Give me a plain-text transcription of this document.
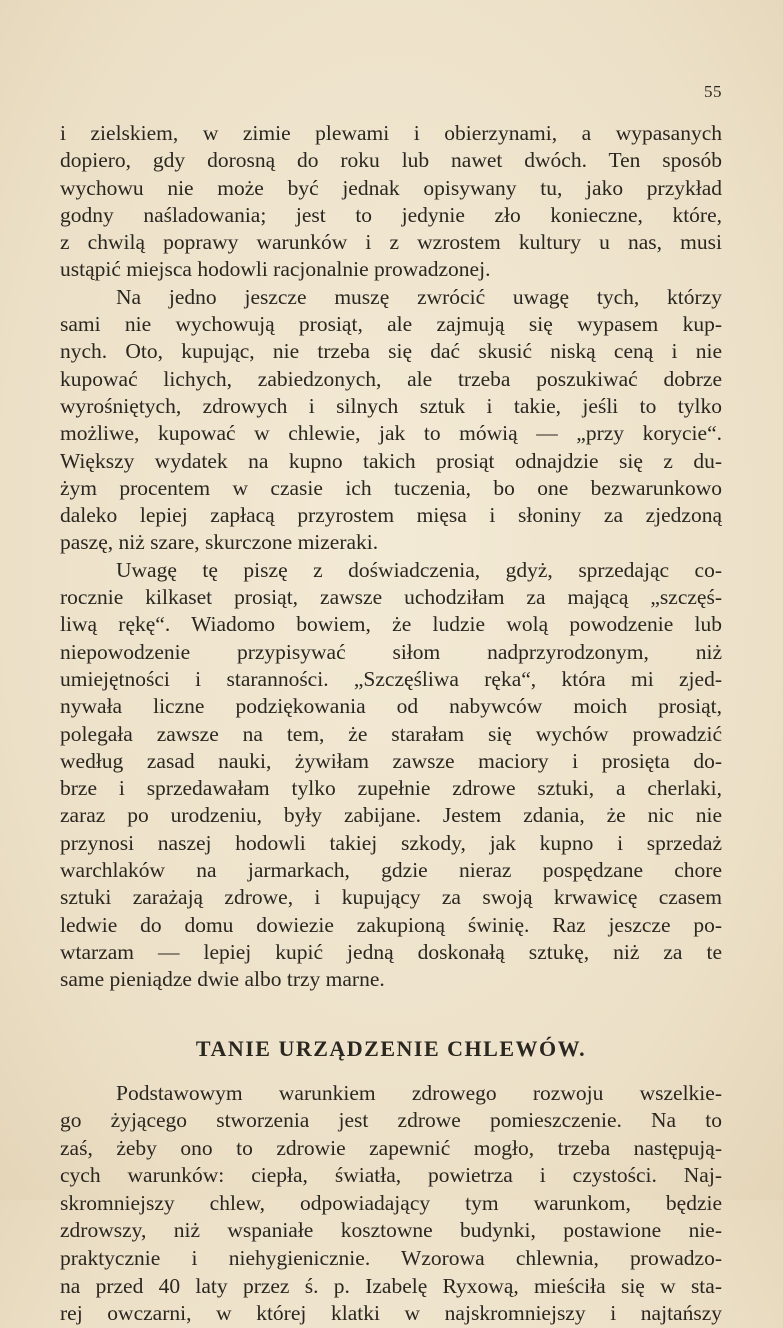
55
i zielskiem, w zimie plewami i obierzynami, a wypasanych
dopiero, gdy dorosną do roku lub nawet dwóch. Ten sposób
wychowu nie może być jednak opisywany tu, jako przykład
godny naśladowania; jest to jedynie zło konieczne, które,
z chwilą poprawy warunków i z wzrostem kultury u nas, musi
ustąpić miejsca hodowli racjonalnie prowadzonej.
Na jedno jeszcze muszę zwrócić uwagę tych, którzy
sami nie wychowują prosiąt, ale zajmują się wypasem kup-
nych. Oto, kupując, nie trzeba się dać skusić niską ceną i nie
kupować lichych, zabiedzonych, ale trzeba poszukiwać dobrze
wyrośniętych, zdrowych i silnych sztuk i takie, jeśli to tylko
możliwe, kupować w chlewie, jak to mówią — „przy korycie“.
Większy wydatek na kupno takich prosiąt odnajdzie się z du-
żym procentem w czasie ich tuczenia, bo one bezwarunkowo
daleko lepiej zapłacą przyrostem mięsa i słoniny za zjedzoną
paszę, niż szare, skurczone mizeraki.
Uwagę tę piszę z doświadczenia, gdyż, sprzedając co-
rocznie kilkaset prosiąt, zawsze uchodziłam za mającą „szczęś-
liwą rękę“. Wiadomo bowiem, że ludzie wolą powodzenie lub
niepowodzenie przypisywać siłom nadprzyrodzonym, niż
umiejętności i staranności. „Szczęśliwa ręka“, która mi zjed-
nywała liczne podziękowania od nabywców moich prosiąt,
polegała zawsze na tem, że starałam się wychów prowadzić
według zasad nauki, żywiłam zawsze maciory i prosięta do-
brze i sprzedawałam tylko zupełnie zdrowe sztuki, a cherlaki,
zaraz po urodzeniu, były zabijane. Jestem zdania, że nic nie
przynosi naszej hodowli takiej szkody, jak kupno i sprzedaż
warchlaków na jarmarkach, gdzie nieraz pospędzane chore
sztuki zarażają zdrowe, i kupujący za swoją krwawicę czasem
ledwie do domu dowiezie zakupioną świnię. Raz jeszcze po-
wtarzam — lepiej kupić jedną doskonałą sztukę, niż za te
same pieniądze dwie albo trzy marne.
TANIE URZĄDZENIE CHLEWÓW.
Podstawowym warunkiem zdrowego rozwoju wszelkie-
go żyjącego stworzenia jest zdrowe pomieszczenie. Na to
zaś, żeby ono to zdrowie zapewnić mogło, trzeba następują-
cych warunków: ciepła, światła, powietrza i czystości. Naj-
skromniejszy chlew, odpowiadający tym warunkom, będzie
zdrowszy, niż wspaniałe kosztowne budynki, postawione nie-
praktycznie i niehygienicznie. Wzorowa chlewnia, prowadzo-
na przed 40 laty przez ś. p. Izabelę Ryxową, mieściła się w sta-
rej owczarni, w której klatki w najskromniejszy i najtańszy
